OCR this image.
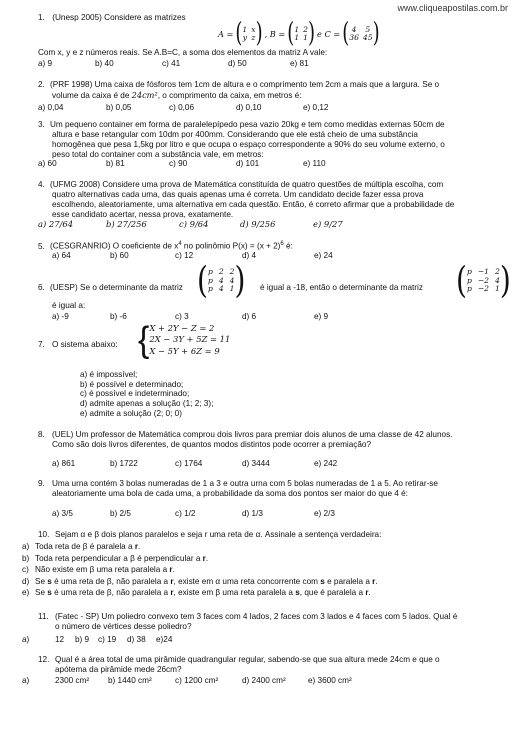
www.cliqueapostilas.com.br
1. (Unesp 2005) Considere as matrizes
A = ( 1 x
y z ) , B = ( 1 2
1 1 ) e C = ( 4	5
36 45 )
Com x, y e z números reais. Se A.B=C, a soma dos elementos da matriz A vale:
a) 9	b) 40	c) 41	d) 50	e) 81
2. (PRF 1998) Uma caixa de fósforos tem 1cm de altura e o comprimento tem 2cm a mais que a largura. Se o
volume da caixa é de 24cm², o comprimento da caixa, em metros é:
a) 0,04	b) 0,05	c) 0,06	d) 0,10	e) 0,12
3. Um pequeno container em forma de paralelepípedo pesa vazio 20kg e tem como medidas externas 50cm de
altura e base retangular com 10dm por 400mm. Considerando que ele está cheio de uma substância
homogênea que pesa 1,5kg por litro e que ocupa o espaço correspondente a 90% do seu volume externo, o
peso total do container com a substância vale, em metros:
a) 60	b) 81	c) 90	d) 101	e) 110
4. (UFMG 2008) Considere uma prova de Matemática constituída de quatro questões de múltipla escolha, com
quatro alternativas cada uma, das quais apenas uma é correta. Um candidato decide fazer essa prova
escolhendo, aleatoriamente, uma alternativa em cada questão. Então, é correto afirmar que a probabilidade de
esse candidato acertar, nessa prova, exatamente.
a) 27/64	b) 27/256	c) 9/64	d) 9/256	e) 9/27
5. (CESGRANRIO) O coeficiente de $x^4$ no polinômio $P(x) = (x + 2)^6$ é:
a) 64	b) 60	c) 12	d) 4	e) 24
6. (UESP) Se o determinante da matriz ( p 2 2
p 4 4
p 4 1 ) é igual a -18, então o determinante da matriz ( p −1 2
p −2 4
p −2 1 )
é igual a:
a) -9	b) -6	c) 3	d) 6	e) 9
7. O sistema abaixo: { X + 2Y − Z = 2
2X − 3Y + 5Z = 11
X − 5Y + 6Z = 9
a) é impossível;
b) é possível e determinado;
c) é possível e indeterminado;
d) admite apenas a solução (1; 2; 3);
e) admite a solução (2; 0; 0)
8. (UEL) Um professor de Matemática comprou dois livros para premiar dois alunos de uma classe de 42 alunos.
Como são dois livros diferentes, de quantos modos distintos pode ocorrer a premiação?
a) 861	b) 1722	c) 1764	d) 3444	e) 242
9. Uma urna contém 3 bolas numeradas de 1 a 3 e outra urna com 5 bolas numeradas de 1 a 5. Ao retirar-se
aleatoriamente uma bola de cada uma, a probabilidade da soma dos pontos ser maior do que 4 é:
a) 3/5	b) 2/5	c) 1/2	d) 1/3	e) 2/3
10. Sejam α e β dois planos paralelos e seja r uma reta de α. Assinale a sentença verdadeira:
a) Toda reta de β é paralela a r.
b) Toda reta perpendicular a β é perpendicular a r.
c) Não existe em β uma reta paralela a r.
d) Se s é uma reta de β, não paralela a r, existe em α uma reta concorrente com s e paralela a r.
e) Se s é uma reta de β, não paralela a r, existe em β uma reta paralela a s, que é paralela a r.
11. (Fatec - SP) Um poliedro convexo tem 3 faces com 4 lados, 2 faces com 3 lados e 4 faces com 5 lados. Qual é
o número de vértices desse poliedro?
a)	12 b) 9 c) 19 d) 38 e)24
12. Qual é a área total de uma pirâmide quadrangular regular, sabendo-se que sua altura mede 24cm e que o
apótema da pirâmide mede 26cm?
a)	2300 cm² b) 1440 cm²	c) 1200 cm²	d) 2400 cm²	e) 3600 cm²
